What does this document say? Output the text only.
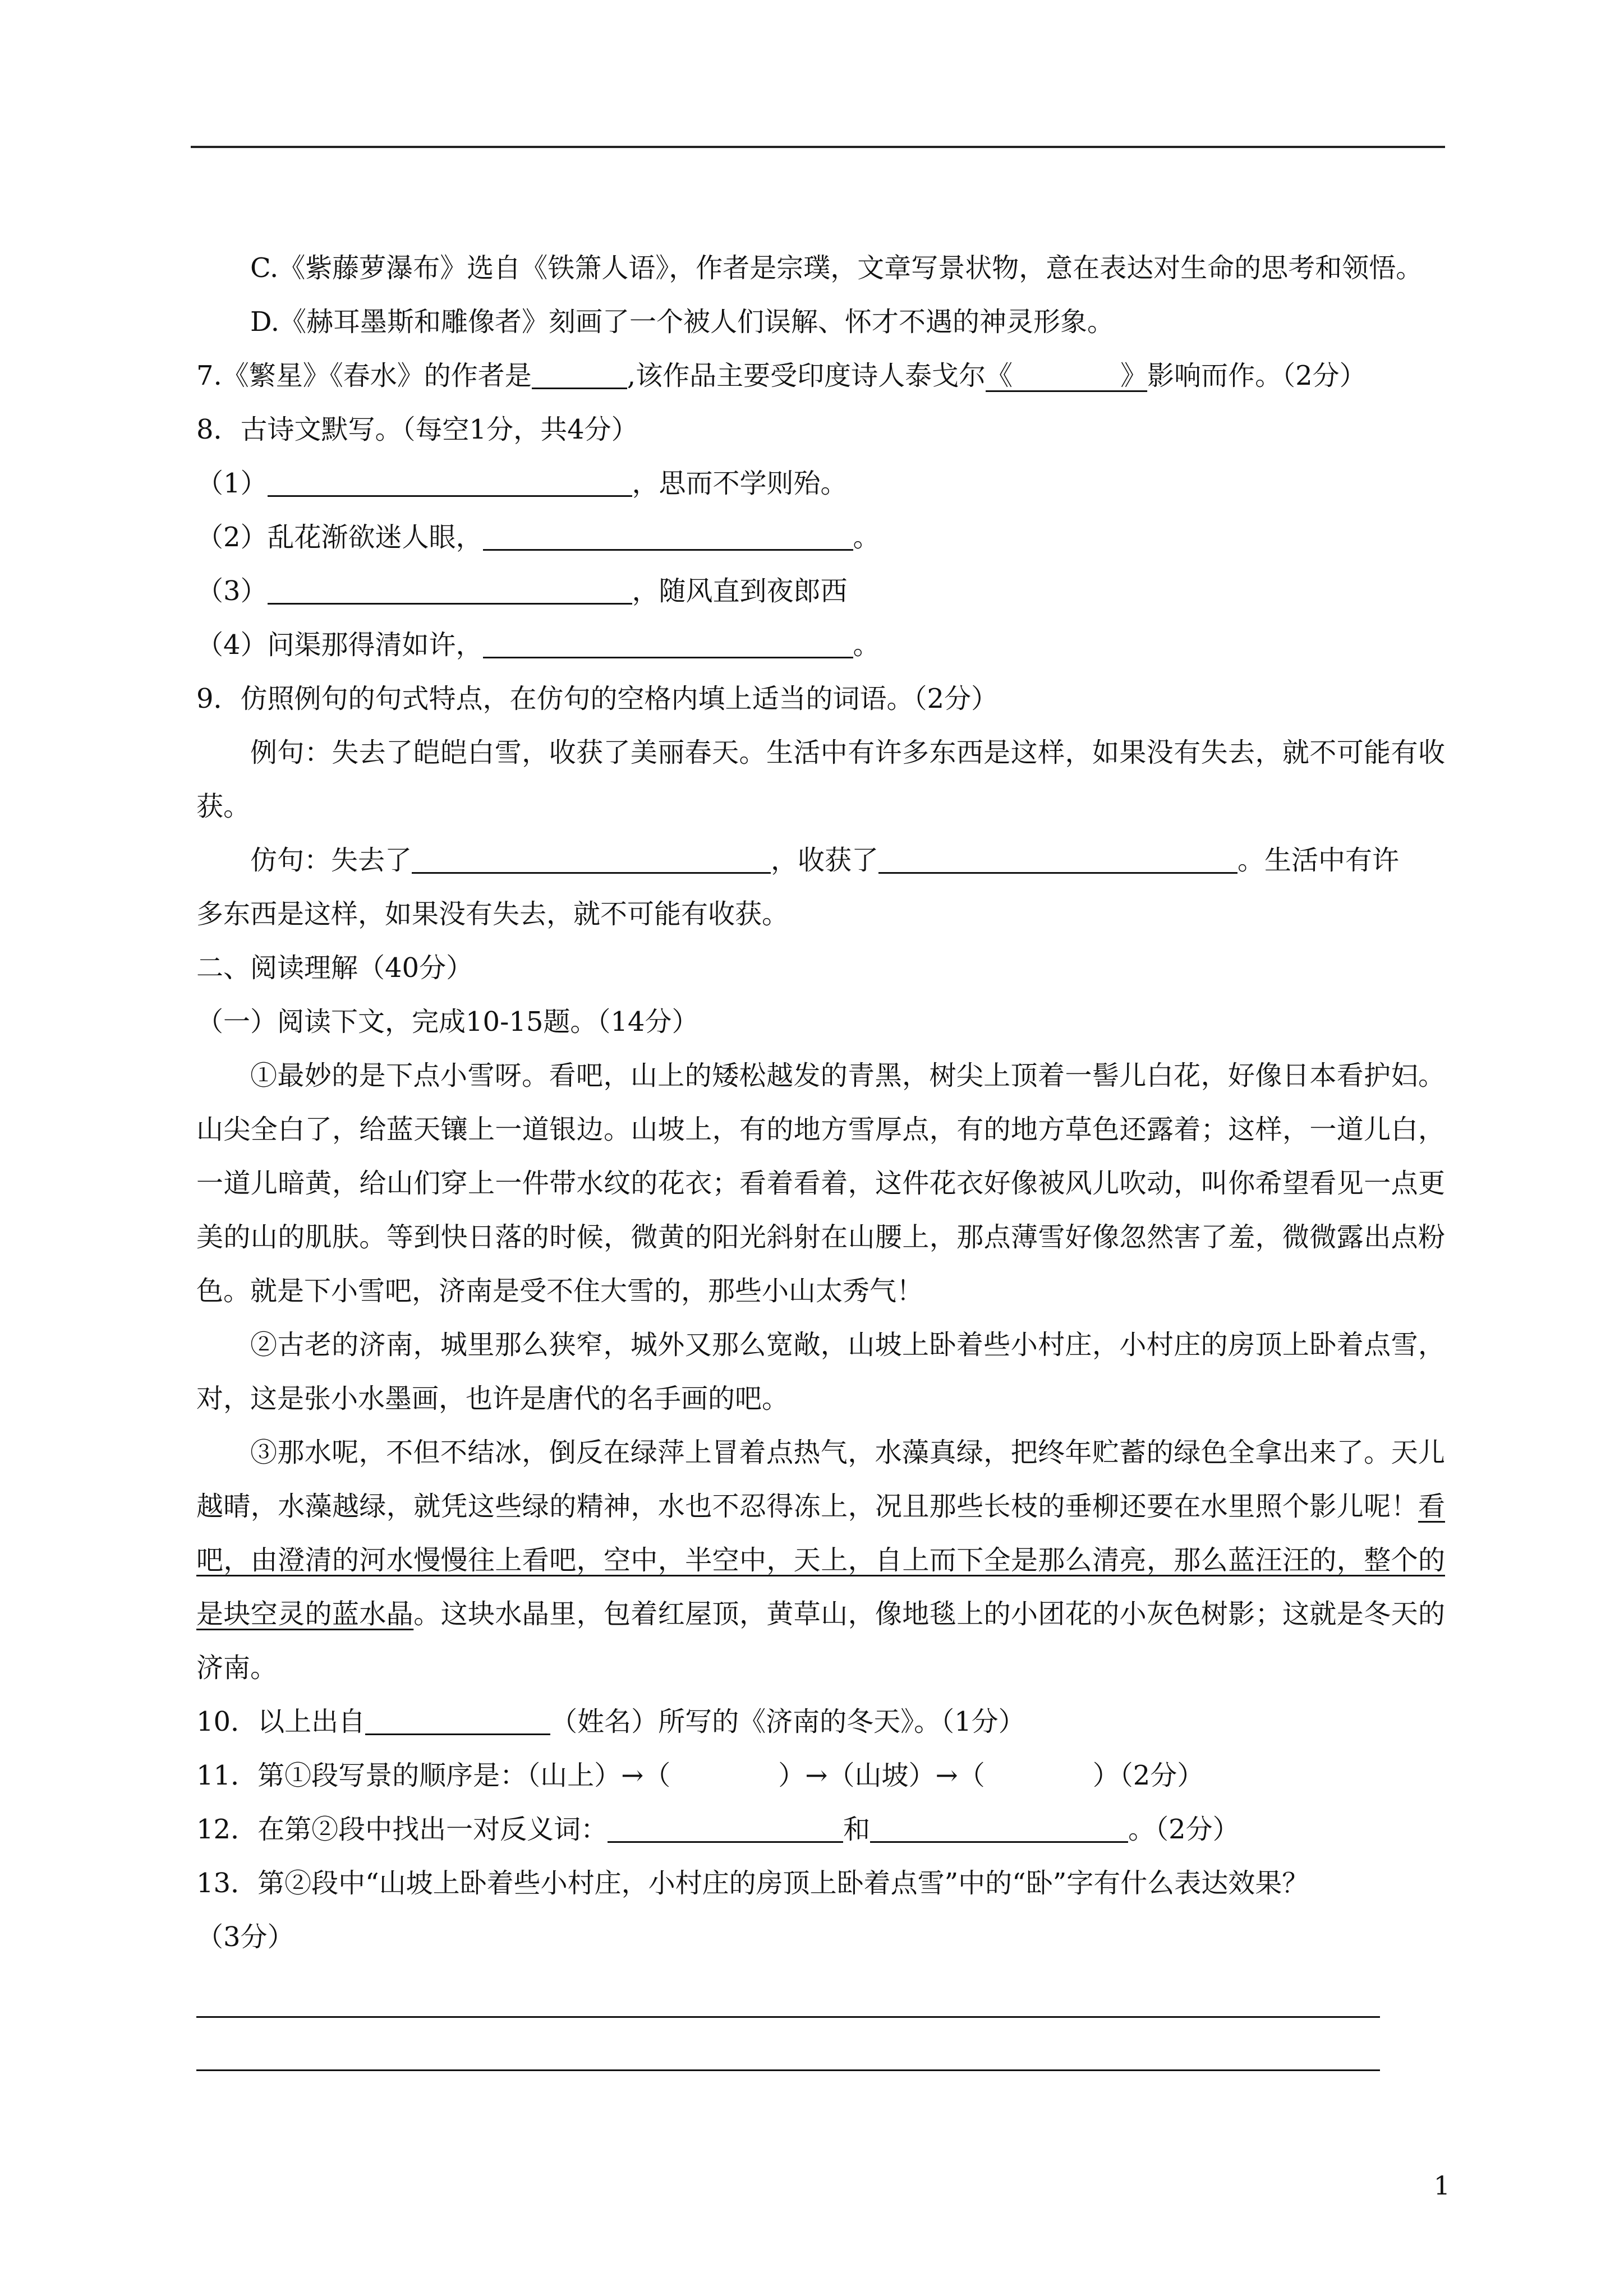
C.《紫藤萝瀑布》选自《铁箫人语》，作者是宗璞，文章写景状物，意在表达对生命的思考和领悟。

D.《赫耳墨斯和雕像者》刻画了一个被人们误解、怀才不遇的神灵形象。

7.《繁星》《春水》的作者是	,该作品主要受印度诗人泰戈尔《　　　　》影响而作。（2分）

8．古诗文默写。（每空1分，共4分）

（1）	，思而不学则殆。

（2）乱花渐欲迷人眼，	。

（3）	，随风直到夜郎西

（4）问渠那得清如许，	。

9．仿照例句的句式特点，在仿句的空格内填上适当的词语。（2分）

例句：失去了皑皑白雪，收获了美丽春天。生活中有许多东西是这样，如果没有失去，就不可能有收获。

仿句：失去了	，收获了	。生活中有许

多东西是这样，如果没有失去，就不可能有收获。

二、阅读理解（40分）

（一）阅读下文，完成10-15题。（14分）

①最妙的是下点小雪呀。看吧，山上的矮松越发的青黑，树尖上顶着一髻儿白花，好像日本看护妇。山尖全白了，给蓝天镶上一道银边。山坡上，有的地方雪厚点，有的地方草色还露着；这样，一道儿白，一道儿暗黄，给山们穿上一件带水纹的花衣；看着看着，这件花衣好像被风儿吹动，叫你希望看见一点更美的山的肌肤。等到快日落的时候，微黄的阳光斜射在山腰上，那点薄雪好像忽然害了羞，微微露出点粉色。就是下小雪吧，济南是受不住大雪的，那些小山太秀气！

②古老的济南，城里那么狭窄，城外又那么宽敞，山坡上卧着些小村庄，小村庄的房顶上卧着点雪，对，这是张小水墨画，也许是唐代的名手画的吧。

③那水呢，不但不结冰，倒反在绿萍上冒着点热气，水藻真绿，把终年贮蓄的绿色全拿出来了。天儿越晴，水藻越绿，就凭这些绿的精神，水也不忍得冻上，况且那些长枝的垂柳还要在水里照个影儿呢！看吧，由澄清的河水慢慢往上看吧，空中，半空中，天上，自上而下全是那么清亮，那么蓝汪汪的，整个的是块空灵的蓝水晶。这块水晶里，包着红屋顶，黄草山，像地毯上的小团花的小灰色树影；这就是冬天的济南。

10．以上出自	（姓名）所写的《济南的冬天》。（1分）

11．第①段写景的顺序是：（山上）→（　　　　）→（山坡）→（　　　　）（2分）

12．在第②段中找出一对反义词：	和	。（2分）

13．第②段中“山坡上卧着些小村庄，小村庄的房顶上卧着点雪”中的“卧”字有什么表达效果？

（3分）

1
